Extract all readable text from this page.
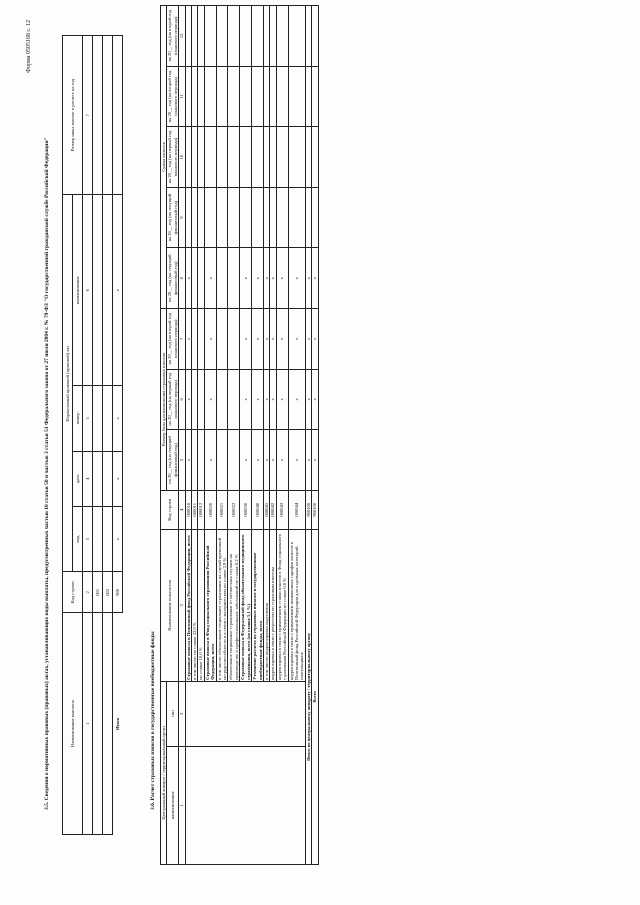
Форма 0505168 с. 12
3.5. Сведения о нормативных правовых (правовых) актах, устанавливающих виды выплаты, предусмотренных частью 10 статьи 50 и частью 3 статьи 51 Федерального закона от 27 июля 2004 г. № 79-ФЗ "О государственной гражданской службе Российской Федерации"	Наименование выплаты	Код строки	Нормативный правовой (правовой) акт				Размер иных выплат в расчете на год
		вид	дата	номер	наименование	
1	2	3	4	5	6	7
	001					
	002					
Итого	900	x	x	x	x	
3.6. Расчет страховых взносов в государственные внебюджетные фонды Центральный аппарат / территориальный орган		Наименование показателя	Код строки	Размер базы для начисления страховых взносов			Сумма взносов				
наименование	тип			на 20__ год (на текущий финансовый год)	на 20__ год (на первый год планового периода)	на 20__ год (на второй год планового периода)	на 20__ год (на текущий финансовый год)	на 20__ год (на текущий финансовый год)	на 20__ год (на первый год планового периода)	на 20__ год (на второй год планового периода)	на 20__ год (на второй год планового периода)

1	2	3	4	5	6	7	8	9	10	11	12
		Страховые взносы в Пенсионный фонд Российской Федерации, всего	000010	x	x	x	x				
		в том числе: по ставке 22,0 %	000011								
		по ставке 10,0 %	000012								
		Страховые взносы в Фонд социального страхования Российской Федерации, всего	000020	x	x	x	x				
		в том числе: обязательное социальное страхование на случай временной нетрудоспособности и в связи с материнством по ставке 2,9 %	000021								
		обязательное социальное страхование от несчастных случаев на производстве и профессиональных заболеваний по ставке 0,2 %	000022								
		Страховые взносы в Федеральный фонд обязательного медицинского страхования, всего (по ставке 5,1 %)	000030	x	x	x	x				
		Уточнение расчета по страховым взносам в государственные внебюджетные фонды, всего	000040	x	x	x	x				
		в том числе: корректировка округления	000041	x	x	x	x				
		корректировка в связи с регрессом по страховым взносам	000042	x	x	x	x				
		корректировка в связи с применением ставки взносов в Фонд социального страхования Российской Федерации по ставке 0,0 %	000043	x	x	x	x				
		корректировка в связи с применением пониженных тарифов взносов в Пенсионный фонд Российской Федерации для отдельных категорий плательщиков	000044	x	x	x	x				
Итого по центральному аппарату / территориальному органу			900100	x	x	x	x				
Всего			900100	x	x	x	x				
